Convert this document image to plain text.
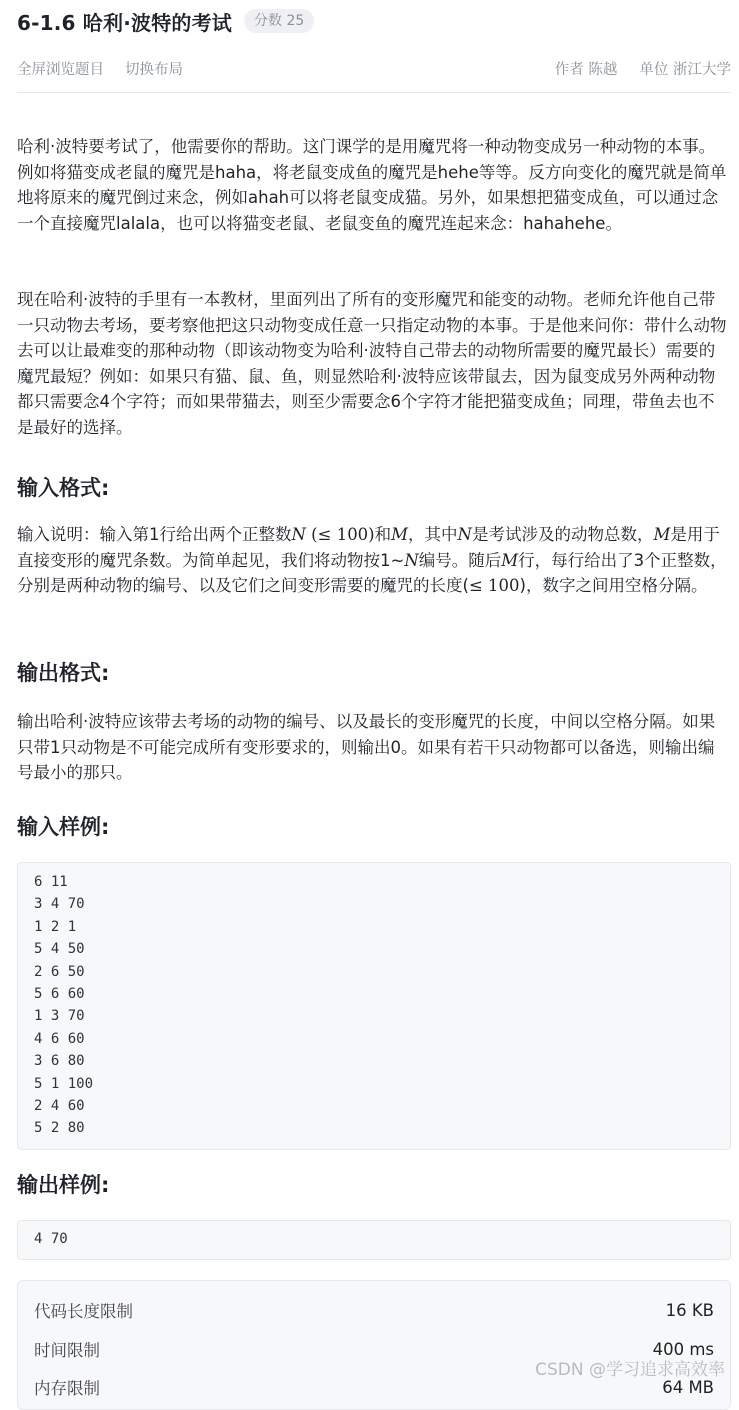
6-1.6 哈利·波特的考试	分数 25
全屏浏览题目 切换布局	作者 陈越 单位 浙江大学

哈利·波特要考试了，他需要你的帮助。这门课学的是用魔咒将一种动物变成另一种动物的本事。例如将猫变成老鼠的魔咒是haha，将老鼠变成鱼的魔咒是hehe等等。反方向变化的魔咒就是简单地将原来的魔咒倒过来念，例如ahah可以将老鼠变成猫。另外，如果想把猫变成鱼，可以通过念一个直接魔咒lalala，也可以将猫变老鼠、老鼠变鱼的魔咒连起来念：hahahehe。

现在哈利·波特的手里有一本教材，里面列出了所有的变形魔咒和能变的动物。老师允许他自己带一只动物去考场，要考察他把这只动物变成任意一只指定动物的本事。于是他来问你：带什么动物去可以让最难变的那种动物（即该动物变为哈利·波特自己带去的动物所需要的魔咒最长）需要的魔咒最短？例如：如果只有猫、鼠、鱼，则显然哈利·波特应该带鼠去，因为鼠变成另外两种动物都只需要念4个字符；而如果带猫去，则至少需要念6个字符才能把猫变成鱼；同理，带鱼去也不是最好的选择。

输入格式:

输入说明：输入第1行给出两个正整数N (≤ 100)和M，其中N是考试涉及的动物总数，M是用于直接变形的魔咒条数。为简单起见，我们将动物按1~N编号。随后M行，每行给出了3个正整数，分别是两种动物的编号、以及它们之间变形需要的魔咒的长度(≤ 100)，数字之间用空格分隔。

输出格式:

输出哈利·波特应该带去考场的动物的编号、以及最长的变形魔咒的长度，中间以空格分隔。如果只带1只动物是不可能完成所有变形要求的，则输出0。如果有若干只动物都可以备选，则输出编号最小的那只。

输入样例:
6 11
3 4 70
1 2 1
5 4 50
2 6 50
5 6 60
1 3 70
4 6 60
3 6 80
5 1 100
2 4 60
5 2 80
输出样例:
4 70
代码长度限制	16 KB
时间限制	400 ms
内存限制	64 MB
CSDN @学习追求高效率
